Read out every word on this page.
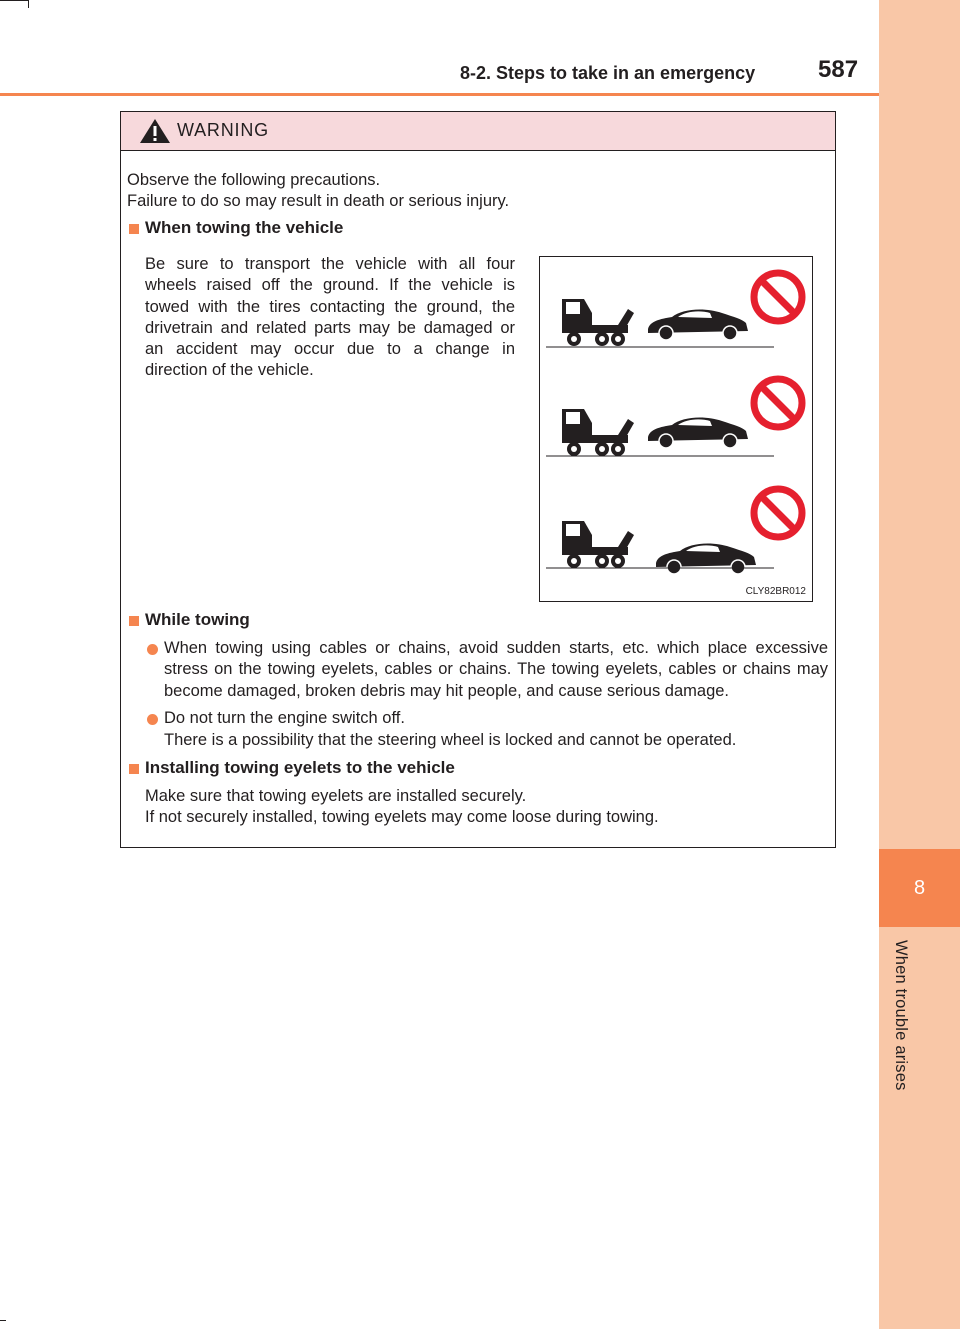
8
When trouble arises
8-2. Steps to take in an emergency	587
WARNING

Observe the following precautions.

Failure to do so may result in death or serious injury.

When towing the vehicle

Be sure to transport the vehicle with all four wheels raised off the ground. If the vehicle is towed with the tires contacting the ground, the drivetrain and related parts may be damaged or an accident may occur due to a change in direction of the vehicle.

CLY82BR012
While towing

When towing using cables or chains, avoid sudden starts, etc. which place excessive stress on the towing eyelets, cables or chains. The towing eyelets, cables or chains may become damaged, broken debris may hit people, and cause serious damage.

Do not turn the engine switch off.

There is a possibility that the steering wheel is locked and cannot be operated.

Installing towing eyelets to the vehicle

Make sure that towing eyelets are installed securely.

If not securely installed, towing eyelets may come loose during towing.
